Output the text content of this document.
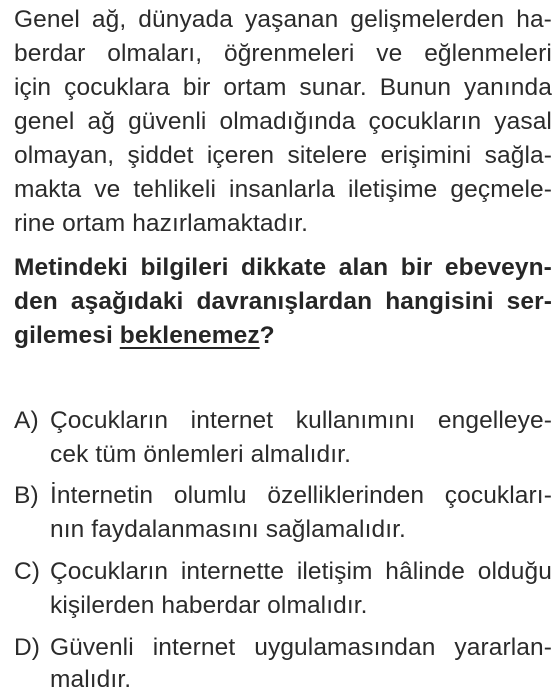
Genel ağ, dünyada yaşanan gelişmelerden ha-
berdar olmaları, öğrenmeleri ve eğlenmeleri
için çocuklara bir ortam sunar. Bunun yanında
genel ağ güvenli olmadığında çocukların yasal
olmayan, şiddet içeren sitelere erişimini sağla-
makta ve tehlikeli insanlarla iletişime geçmele-
rine ortam hazırlamaktadır.
Metindeki bilgileri dikkate alan bir ebeveyn-
den aşağıdaki davranışlardan hangisini ser-
gilemesi beklenemez?
A) Çocukların internet kullanımını engelleye-
cek tüm önlemleri almalıdır.
B) İnternetin olumlu özelliklerinden çocukları-
nın faydalanmasını sağlamalıdır.
C) Çocukların internette iletişim hâlinde olduğu
kişilerden haberdar olmalıdır.
D) Güvenli internet uygulamasından yararlan-
malıdır.
